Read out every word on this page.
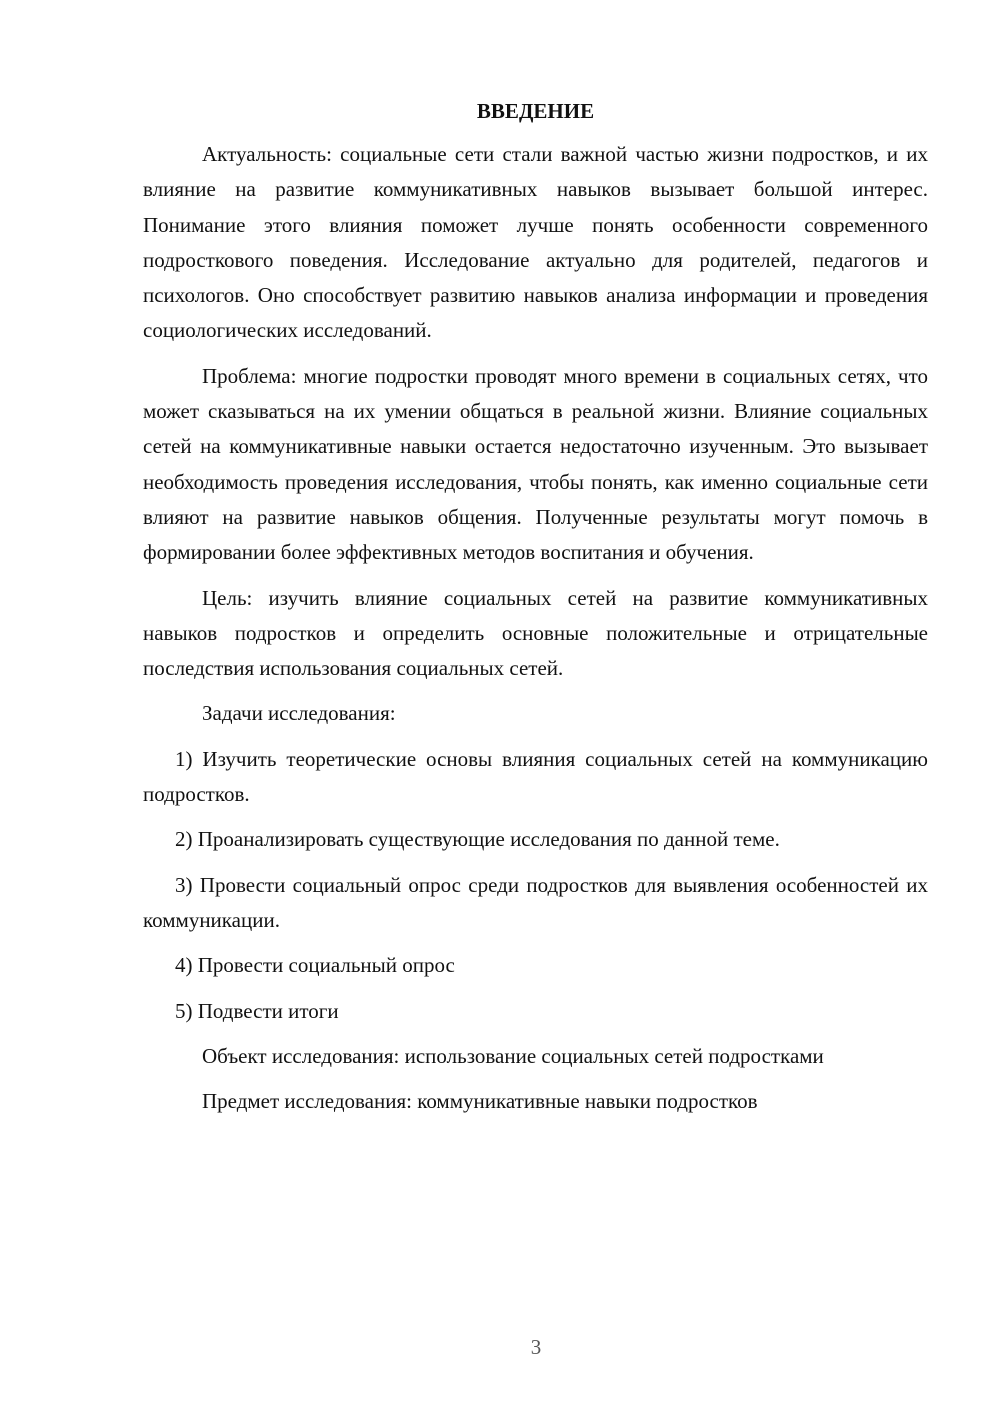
ВВЕДЕНИЕ

Актуальность: социальные сети стали важной частью жизни подростков, и их влияние на развитие коммуникативных навыков вызывает большой интерес. Понимание этого влияния поможет лучше понять особенности современного подросткового поведения. Исследование актуально для родителей, педагогов и психологов. Оно способствует развитию навыков анализа информации и проведения социологических исследований.

Проблема: многие подростки проводят много времени в социальных сетях, что может сказываться на их умении общаться в реальной жизни. Влияние социальных сетей на коммуникативные навыки остается недостаточно изученным. Это вызывает необходимость проведения исследования, чтобы понять, как именно социальные сети влияют на развитие навыков общения. Полученные результаты могут помочь в формировании более эффективных методов воспитания и обучения.

Цель: изучить влияние социальных сетей на развитие коммуникативных навыков подростков и определить основные положительные и отрицательные последствия использования социальных сетей.

Задачи исследования:

1) Изучить теоретические основы влияния социальных сетей на коммуникацию подростков.

2) Проанализировать существующие исследования по данной теме.

3) Провести социальный опрос среди подростков для выявления особенностей их коммуникации.

4) Провести социальный опрос

5) Подвести итоги

Объект исследования: использование социальных сетей подростками

Предмет исследования: коммуникативные навыки подростков

3
